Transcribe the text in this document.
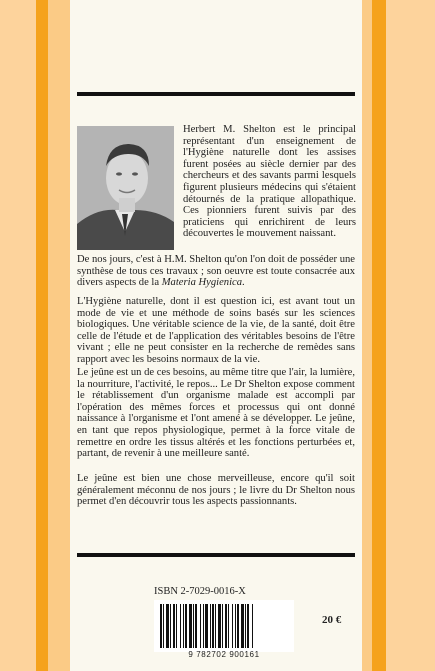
Herbert M. Shelton est le principal représentant d'un enseignement de l'Hygiène naturelle dont les assises furent posées au siècle dernier par des chercheurs et des savants parmi lesquels figurent plusieurs médecins qui s'étaient détournés de la pratique allopathique. Ces pionniers furent suivis par des praticiens qui enrichirent de leurs découvertes le mouvement naissant.

De nos jours, c'est à H.M. Shelton qu'on l'on doit de posséder une synthèse de tous ces travaux ; son oeuvre est toute consacrée aux divers aspects de la Materia Hygienica.

L'Hygiène naturelle, dont il est question ici, est avant tout un mode de vie et une méthode de soins basés sur les sciences biologiques. Une véritable science de la vie, de la santé, doit être celle de l'étude et de l'application des véritables besoins de l'être vivant ; elle ne peut consister en la recherche de remèdes sans rapport avec les besoins normaux de la vie.

Le jeûne est un de ces besoins, au même titre que l'air, la lumière, la nourriture, l'activité, le repos... Le Dr Shelton expose comment le rétablissement d'un organisme malade est accompli par l'opération des mêmes forces et processus qui ont donné naissance à l'organisme et l'ont amené à se développer. Le jeûne, en tant que repos physiologique, permet à la force vitale de remettre en ordre les tissus altérés et les fonctions perturbées et, partant, de revenir à une meilleure santé.

Le jeûne est bien une chose merveilleuse, encore qu'il soit généralement méconnu de nos jours ; le livre du Dr Shelton nous permet d'en découvrir tous les aspects passionnants.

ISBN 2-7029-0016-X
9 782702 900161
20 €
